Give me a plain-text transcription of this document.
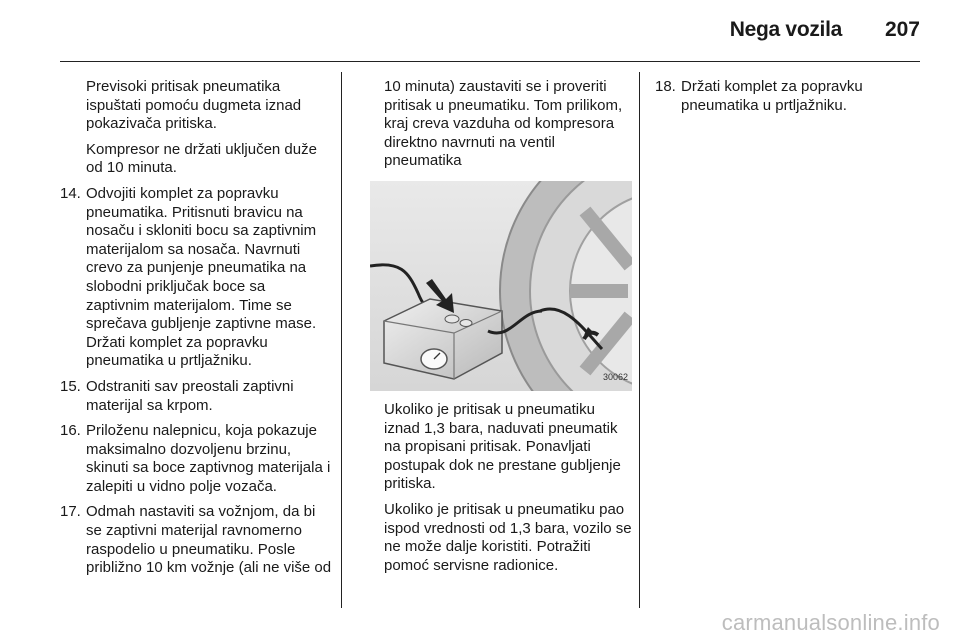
Nega vozila 207

Previsoki pritisak pneumatika ispuštati pomoću dugmeta iznad pokazivača pritiska.

Kompresor ne držati uključen duže od 10 minuta.

14. Odvojiti komplet za popravku pneumatika. Pritisnuti bravicu na nosaču i skloniti bocu sa zaptivnim materijalom sa nosača. Navrnuti crevo za punjenje pneumatika na slobodni priključak boce sa zaptivnim materijalom. Time se sprečava gubljenje zaptivne mase. Držati komplet za popravku pneumatika u prtljažniku.
15. Odstraniti sav preostali zaptivni materijal sa krpom.
16. Priloženu nalepnicu, koja pokazuje maksimalno dozvoljenu brzinu, skinuti sa boce zaptivnog materijala i zalepiti u vidno polje vozača.
17. Odmah nastaviti sa vožnjom, da bi se zaptivni materijal ravnomerno raspodelio u pneumatiku. Posle približno 10 km vožnje (ali ne više od

10 minuta) zaustaviti se i proveriti pritisak u pneumatiku. Tom prilikom, kraj creva vazduha od kompresora direktno navrnuti na ventil pneumatika

30062

Ukoliko je pritisak u pneumatiku iznad 1,3 bara, naduvati pneumatik na propisani pritisak. Ponavljati postupak dok ne prestane gubljenje pritiska.

Ukoliko je pritisak u pneumatiku pao ispod vrednosti od 1,3 bara, vozilo se ne može dalje koristiti. Potražiti pomoć servisne radionice.

18. Držati komplet za popravku pneumatika u prtljažniku.
carmanualsonline.info
